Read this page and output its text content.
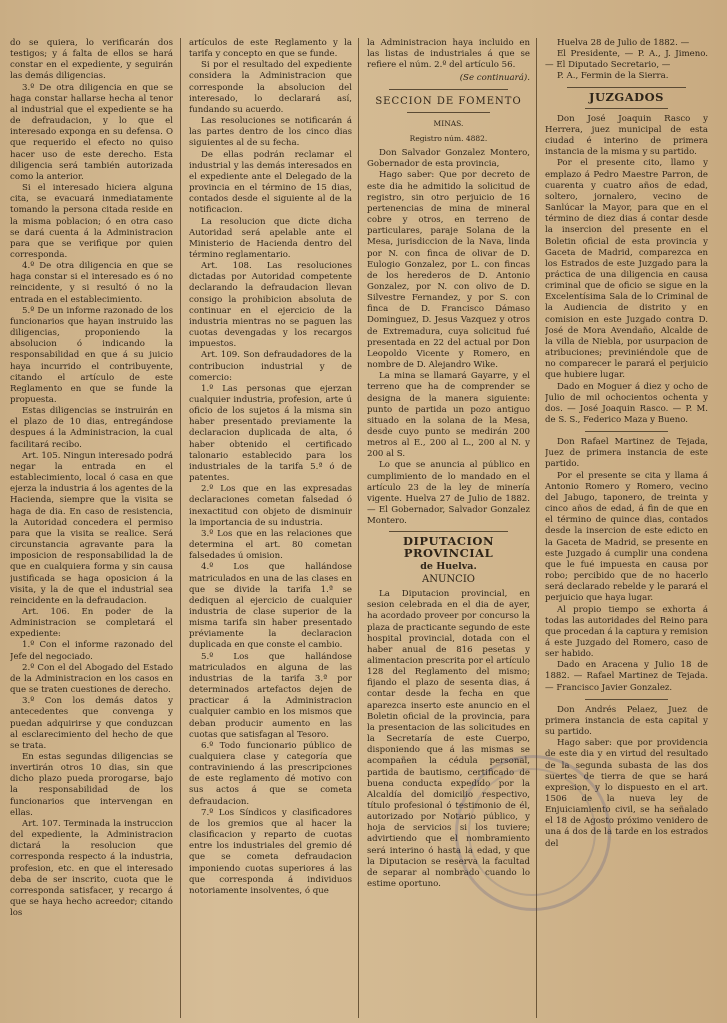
do se quiera, lo verificarán dos testigos; y á falta de ellos se hará constar en el expediente, y seguirán las demás diligencias.

3.º De otra diligencia en que se haga constar hallarse hecha al tenor al industrial que el expediente se ha de defraudacion, y lo que el interesado exponga en su defensa. O que requerido el efecto no quiso hacer uso de este derecho. Esta diligencia será también autorizada como la anterior.

Si el interesado hiciera alguna cita, se evacuará inmediatamente tomando la persona citada reside en la misma poblacion; ó en otra caso se dará cuenta á la Administracion para que se verifique por quien corresponda.

4.º De otra diligencia en que se haga constar si el interesado es ó no reincidente, y si resultó ó no la entrada en el establecimiento.

5.º De un informe razonado de los funcionarios que hayan instruido las diligencias, proponiendo la absolucion ó indicando la responsabilidad en que á su juicio haya incurrido el contribuyente, citando el artículo de este Reglamento en que se funde la propuesta.

Estas diligencias se instruirán en el plazo de 10 dias, entregándose despues á la Administracion, la cual facilitará recibo.

Art. 105. Ningun interesado podrá negar la entrada en el establecimiento, local ó casa en que ejerza la industria á los agentes de la Hacienda, siempre que la visita se haga de dia. En caso de resistencia, la Autoridad concedera el permiso para que la visita se realice. Será circunstancia agravante para la imposicion de responsabilidad la de que en cualquiera forma y sin causa justificada se haga oposicion á la visita, y la de que el industrial sea reincidente en la defraudacion.

Art. 106. En poder de la Administracion se completará el expediente:

1.º Con el informe razonado del Jefe del negociado.

2.º Con el del Abogado del Estado de la Administracion en los casos en que se traten cuestiones de derecho.

3.º Con los demás datos y antecedentes que convenga y puedan adquirirse y que conduzcan al esclarecimiento del hecho de que se trata.

En estas segundas diligencias se invertirán otros 10 dias, sin que dicho plazo pueda prorogarse, bajo la responsabilidad de los funcionarios que intervengan en ellas.

Art. 107. Terminada la instruccion del expediente, la Administracion dictará la resolucion que corresponda respecto á la industria, profesion, etc. en que el interesado deba de ser inscrito, cuota que le corresponda satisfacer, y recargo á que se haya hecho acreedor; citando los

artículos de este Reglamento y la tarifa y concepto en que se funde.

Si por el resultado del expediente considera la Administracion que corresponde la absolucion del interesado, lo declarará así, fundando su acuerdo.

Las resoluciones se notificarán á las partes dentro de los cinco dias siguientes al de su fecha.

De ellas podrán reclamar el industrial y las demás interesados en el expediente ante el Delegado de la provincia en el término de 15 dias, contados desde el siguiente al de la notificacion.

La resolucion que dicte dicha Autoridad será apelable ante el Ministerio de Hacienda dentro del término reglamentario.

Art. 108. Las resoluciones dictadas por Autoridad competente declarando la defraudacion llevan consigo la prohibicion absoluta de continuar en el ejercicio de la industria mientras no se paguen las cuotas devengadas y los recargos impuestos.

Art. 109. Son defraudadores de la contribucion industrial y de comercio:

1.º Las personas que ejerzan cualquier industria, profesion, arte ú oficio de los sujetos á la misma sin haber presentado previamente la declaracion duplicada de alta, ó haber obtenido el certificado talonario establecido para los industriales de la tarifa 5.ª ó de patentes.

2.º Los que en las expresadas declaraciones cometan falsedad ó inexactitud con objeto de disminuir la importancia de su industria.

3.º Los que en las relaciones que determina el art. 80 cometan falsedades ú omision.

4.º Los que hallándose matriculados en una de las clases en que se divide la tarifa 1.ª se dediquen al ejercicio de cualquier industria de clase superior de la misma tarifa sin haber presentado préviamente la declaracion duplicada en que conste el cambio.

5.º Los que hallándose matriculados en alguna de las industrias de la tarifa 3.ª por determinados artefactos dejen de practicar á la Administracion cualquier cambio en los mismos que deban producir aumento en las cuotas que satisfagan al Tesoro.

6.º Todo funcionario público de cualquiera clase y categoría que contraviniendo á las prescripciones de este reglamento dé motivo con sus actos á que se cometa defraudacion.

7.º Los Síndicos y clasificadores de los gremios que al hacer la clasificacion y reparto de cuotas entre los industriales del gremio dé que se cometa defraudacion imponiendo cuotas superiores á las que corresponda á individuos notoriamente insolventes, ó que

la Administracion haya incluido en las listas de industriales á que se refiere el núm. 2.º del artículo 56.

(Se continuará).
SECCION DE FOMENTO
MINAS.
Registro núm. 4882.

Don Salvador Gonzalez Montero, Gobernador de esta provincia,

Hago saber: Que por decreto de este dia he admitido la solicitud de registro, sin otro perjuicio de 16 pertenencias de mina de mineral cobre y otros, en terreno de particulares, paraje Solana de la Mesa, jurisdiccion de la Nava, linda por N. con finca de olivar de D. Eulogio Gonzalez, por L. con fincas de los herederos de D. Antonio Gonzalez, por N. con olivo de D. Silvestre Fernandez, y por S. con finca de D. Francisco Dámaso Dominguez, D. Jesus Vazquez y otros de Extremadura, cuya solicitud fué presentada en 22 del actual por Don Leopoldo Vicente y Romero, en nombre de D. Alejandro Wike.

La mina se llamará Gayarre, y el terreno que ha de comprender se designa de la manera siguiente: punto de partida un pozo antiguo situado en la solana de la Mesa, desde cuyo punto se medirán 200 metros al E., 200 al L., 200 al N. y 200 al S.

Lo que se anuncia al público en cumplimiento de lo mandado en el artículo 23 de la ley de minería vigente. Huelva 27 de Julio de 1882. — El Gobernador, Salvador Gonzalez Montero.

DIPUTACION PROVINCIAL
de Huelva.
ANUNCIO

La Diputacion provincial, en sesion celebrada en el dia de ayer, ha acordado proveer por concurso la plaza de practicante segundo de este hospital provincial, dotada con el haber anual de 816 pesetas y alimentacion prescrita por el artículo 128 del Reglamento del mismo; fijando el plazo de sesenta dias, á contar desde la fecha en que aparezca inserto este anuncio en el Boletin oficial de la provincia, para la presentacion de las solicitudes en la Secretaría de este Cuerpo, disponiendo que á las mismas se acompañen la cédula personal, partida de bautismo, certificado de buena conducta expedido por la Alcaldía del domicilio respectivo, título profesional ó testimonio de él, autorizado por Notario público, y hoja de servicios si los tuviere; advirtiendo que el nombramiento será interino ó hasta la edad, y que la Diputacion se reserva la facultad de separar al nombrado cuando lo estime oportuno.

Huelva 28 de Julio de 1882. —

El Presidente, — P. A., J. Jimeno. — El Diputado Secretario, —

P. A., Fermin de la Sierra.

JUZGADOS

Don José Joaquin Rasco y Herrera, juez municipal de esta ciudad é interino de primera instancia de la misma y su partido.

Por el presente cito, llamo y emplazo á Pedro Maestre Parron, de cuarenta y cuatro años de edad, soltero, jornalero, vecino de Sanlúcar la Mayor, para que en el término de diez dias á contar desde la insercion del presente en el Boletin oficial de esta provincia y Gaceta de Madrid, comparezca en los Estrados de este Juzgado para la práctica de una diligencia en causa criminal que de oficio se sigue en la Excelentísima Sala de lo Criminal de la Audiencia de distrito y en comision en este Juzgado contra D. José de Mora Avendaño, Alcalde de la villa de Niebla, por usurpacion de atribuciones; previniéndole que de no comparecer le parará el perjuicio que hubiere lugar.

Dado en Moguer á diez y ocho de Julio de mil ochocientos ochenta y dos. — José Joaquin Rasco. — P. M. de S. S., Federico Maza y Bueno.

Don Rafael Martinez de Tejada, Juez de primera instancia de este partido.

Por el presente se cita y llama á Antonio Romero y Romero, vecino del Jabugo, taponero, de treinta y cinco años de edad, á fin de que en el término de quince dias, contados desde la insercion de este edicto en la Gaceta de Madrid, se presente en este Juzgado á cumplir una condena que le fué impuesta en causa por robo; percibido que de no hacerlo será declarado rebelde y le parará el perjuicio que haya lugar.

Al propio tiempo se exhorta á todas las autoridades del Reino para que procedan á la captura y remision á este Juzgado del Romero, caso de ser habido.

Dado en Aracena y Julio 18 de 1882. — Rafael Martinez de Tejada. — Francisco Javier Gonzalez.

Don Andrés Pelaez, Juez de primera instancia de esta capital y su partido.

Hago saber: que por providencia de este dia y en virtud del resultado de la segunda subasta de las dos suertes de tierra de que se hará expresion, y lo dispuesto en el art. 1506 de la nueva ley de Enjuiciamiento civil, se ha señalado el 18 de Agosto próximo venidero de una á dos de la tarde en los estrados del
